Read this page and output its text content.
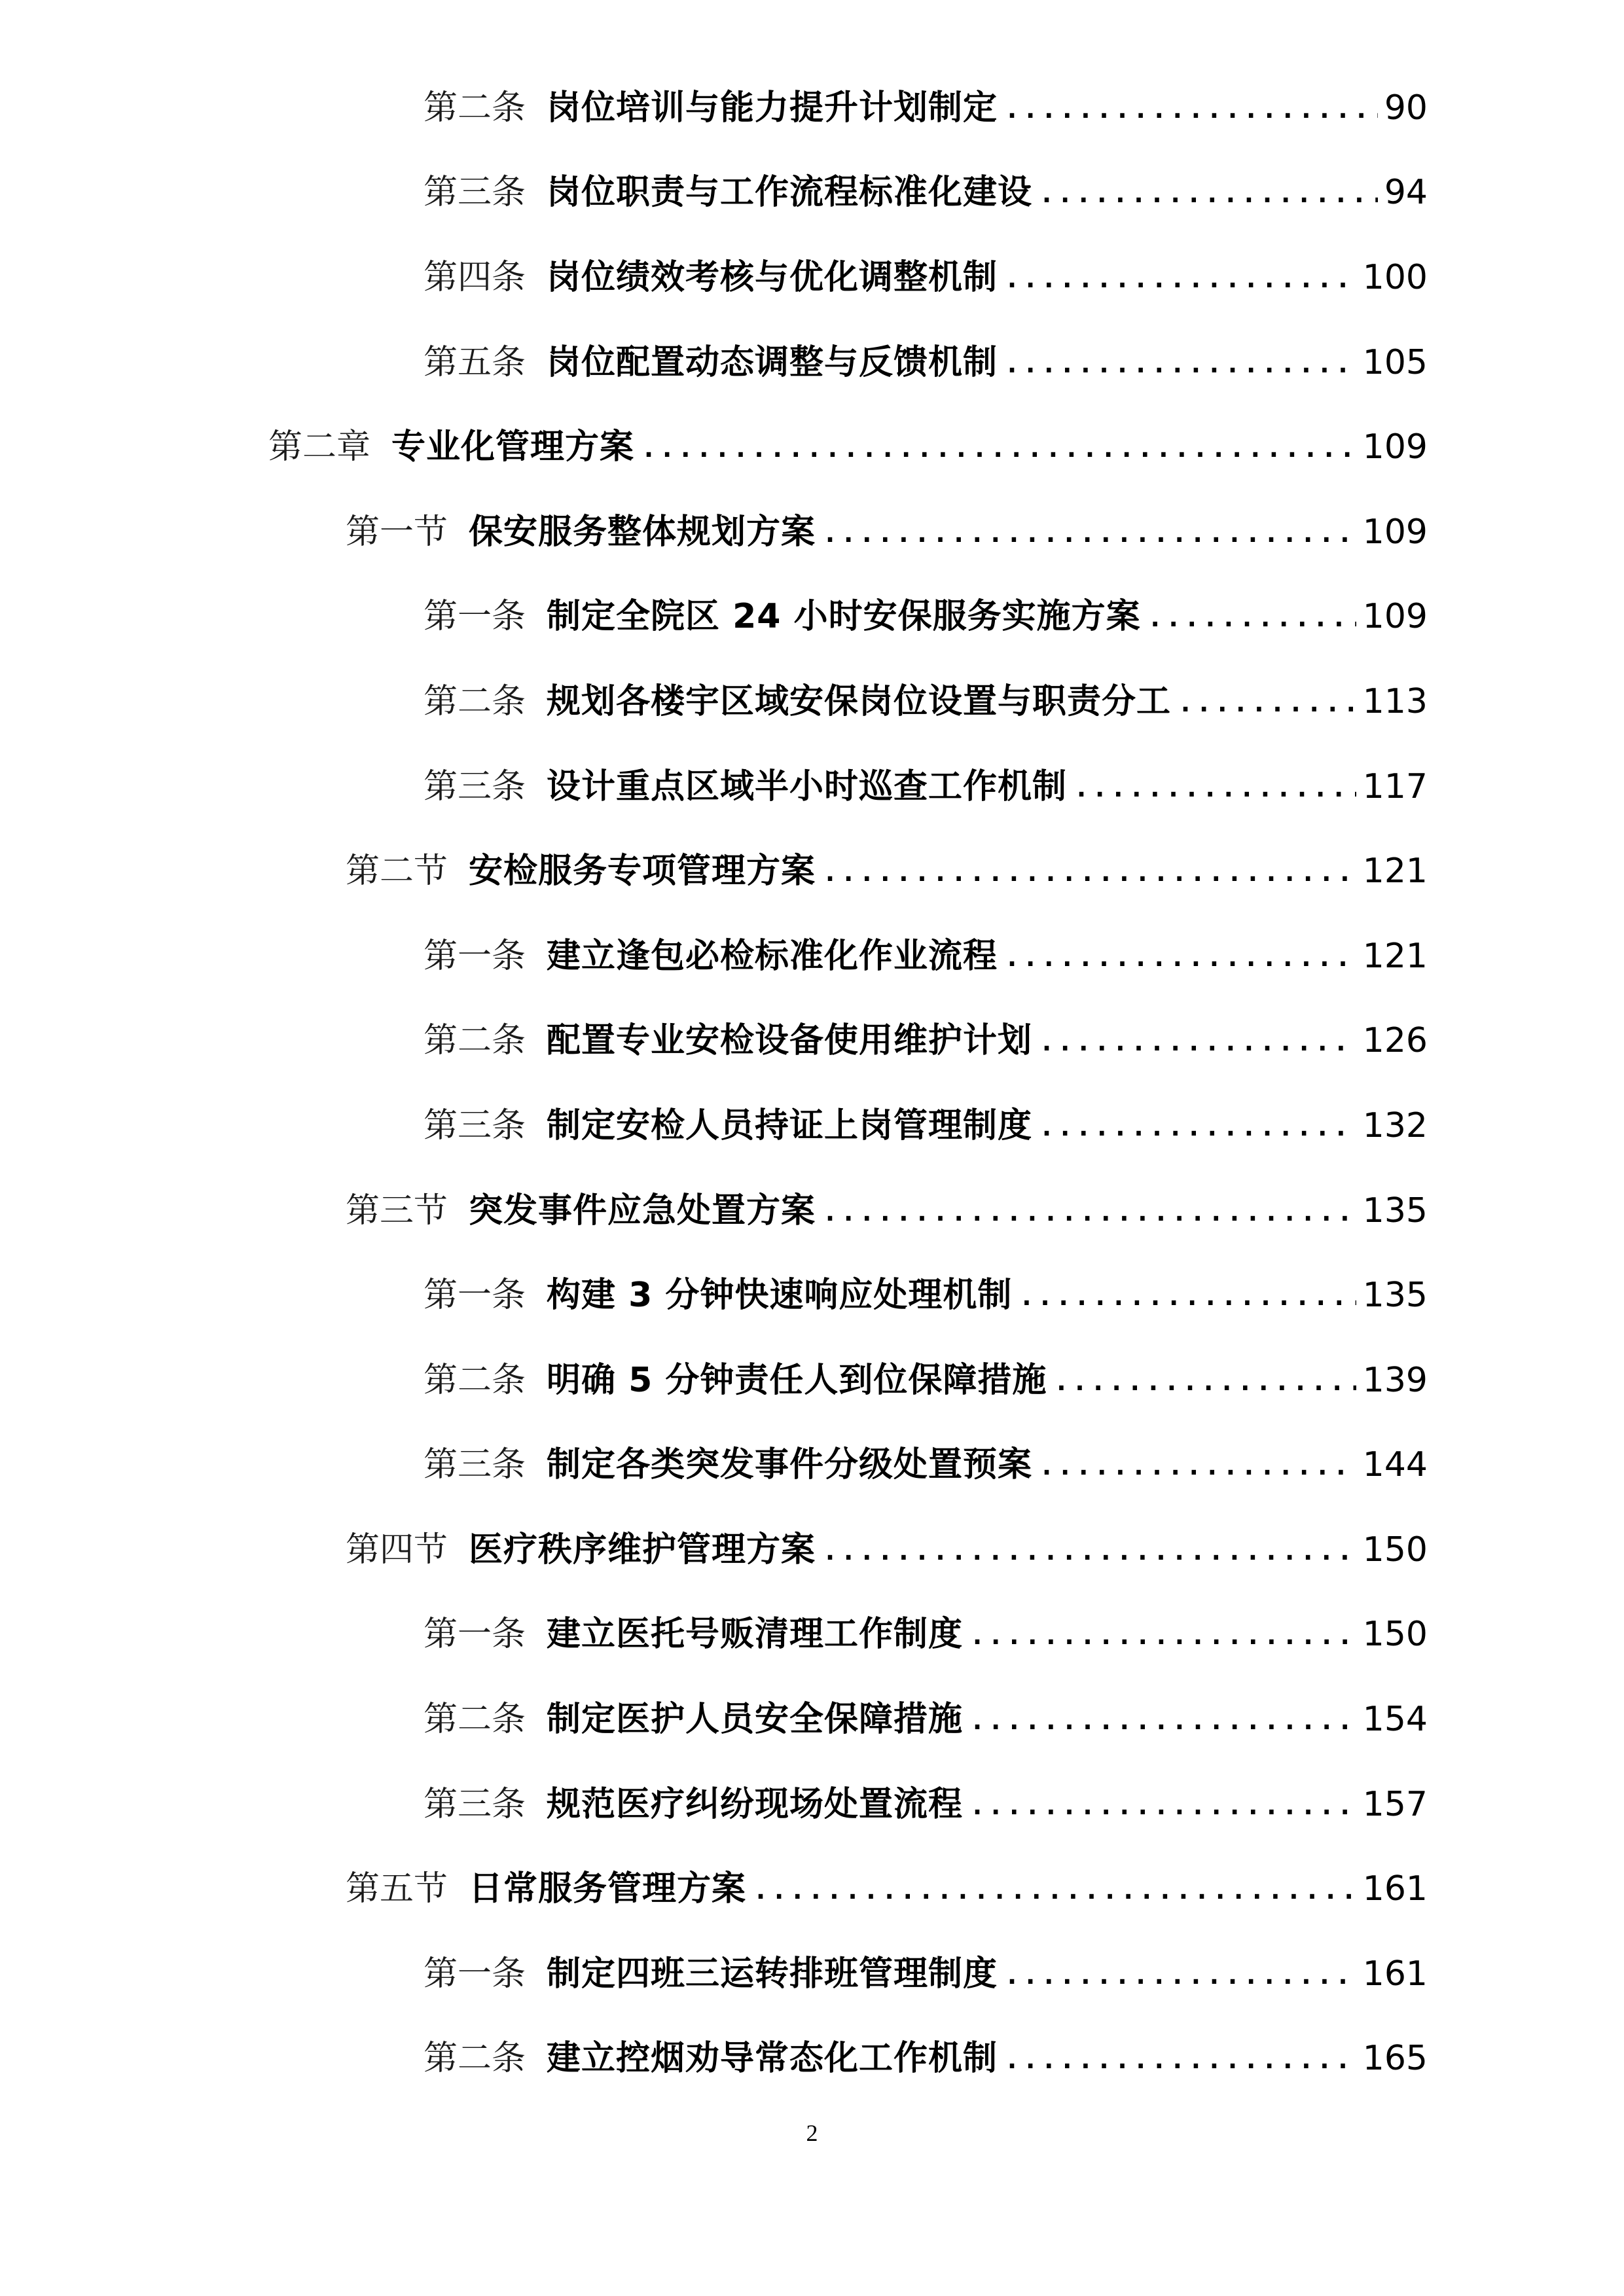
第二条 岗位培训与能力提升计划制定 .....	90
第三条 岗位职责与工作流程标准化建设 .....	94
第四条 岗位绩效考核与优化调整机制 .....	100
第五条 岗位配置动态调整与反馈机制 .....	105
第二章 专业化管理方案 .....	109
第一节 保安服务整体规划方案 .....	109
第一条 制定全院区 24 小时安保服务实施方案 .....	109
第二条 规划各楼宇区域安保岗位设置与职责分工 .....	113
第三条 设计重点区域半小时巡查工作机制 .....	117
第二节 安检服务专项管理方案 .....	121
第一条 建立逢包必检标准化作业流程 .....	121
第二条 配置专业安检设备使用维护计划 .....	126
第三条 制定安检人员持证上岗管理制度 .....	132
第三节 突发事件应急处置方案 .....	135
第一条 构建 3 分钟快速响应处理机制 .....	135
第二条 明确 5 分钟责任人到位保障措施 .....	139
第三条 制定各类突发事件分级处置预案 .....	144
第四节 医疗秩序维护管理方案 .....	150
第一条 建立医托号贩清理工作制度 .....	150
第二条 制定医护人员安全保障措施 .....	154
第三条 规范医疗纠纷现场处置流程 .....	157
第五节 日常服务管理方案 .....	161
第一条 制定四班三运转排班管理制度 .....	161
第二条 建立控烟劝导常态化工作机制 .....	165
2
